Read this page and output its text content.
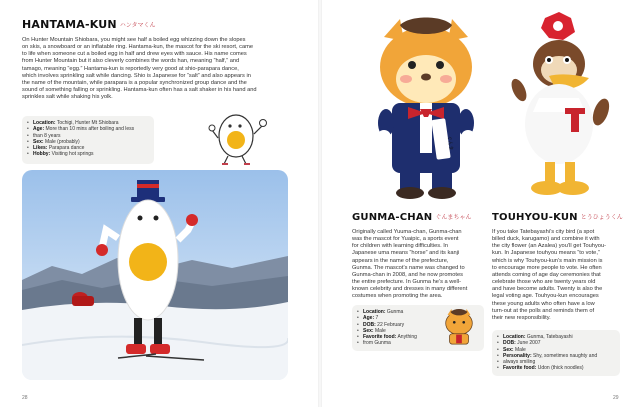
HANTAMA-KUN ハンタマくん
On Hunter Mountain Shiobara, you might see half a boiled egg whizzing down the slopes
on skis, a snowboard or an inflatable ring. Hantama-kun, the mascot for the ski resort, came
to life when someone cut a boiled egg in half and drew eyes with sauce. His name comes
from Hunter Mountain but it also cleverly combines the words han, meaning “half,” and
tamago, meaning “egg.” Hantama-kun is reportedly very good at shio-parapara dance,
which involves sprinkling salt while dancing. Shio is Japanese for “salt” and also appears in
the name of the mountain, while parapara is a popular synchronized group dance and the
sound of something falling or sprinkling. Hantama-kun often has a salt shaker in his hand and
sprinkles salt while shaking his yolk.
• Location: Tochigi, Hunter Mt Shiobara
• Age: More than 10 mins after boiling and less
• than 8 years
• Sex: Male (probably)
• Likes: Parapara dance
• Hobby: Visiting hot springs
28
ぐんま
GUNMA-CHAN ぐんまちゃん
Originally called Yuuma-chan, Gunma-chan
was the mascot for Yuaipic, a sports event
for children with learning difficulties. In
Japanese uma means “horse” and its kanji
appears in the name of the prefecture,
Gunma. The mascot’s name was changed to
Gunma-chan in 2008, and he now promotes
the entire prefecture. In Gunma he’s a well-
known celebrity and dresses in many different
costumes when promoting the area.
• Location: Gunma
• Age: 7
• DOB: 22 February
• Sex: Male
• Favorite food: Anything
• from Gunma
TOUHYOU-KUN とうひょうくん
If you take Tatebayashi’s city bird (a spot
billed duck, karugamo) and combine it with
the city flower (an Azalea) you’ll get Touhyou-
kun. In Japanese touhyou means “to vote,”
which is why Touhyou-kun’s main mission is
to encourage more people to vote. He often
attends coming of age day ceremonies that
celebrate those who are twenty years old
and have become adults. Twenty is also the
legal voting age. Touhyou-kun encourages
these young adults who often have a low
turn-out at the polls and reminds them of
their new responsibility.
• Location: Gunma, Tatebayashi
• DOB: June 2007
• Sex: Male
• Personality: Shy, sometimes naughty and
• always smiling
• Favorite food: Udon (thick noodles)
29
